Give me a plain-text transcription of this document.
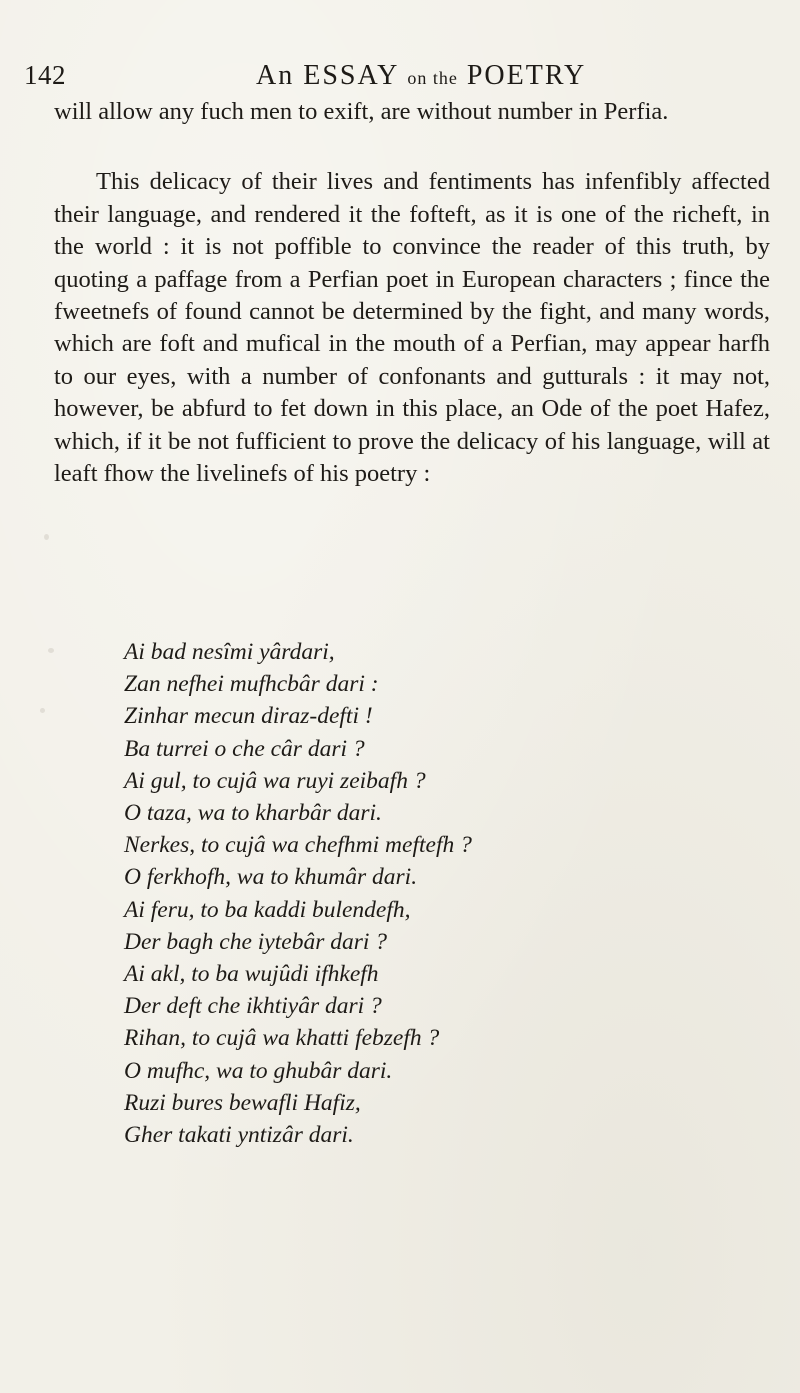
142	An ESSAY on the POETRY

will allow any fuch men to exift, are without number in Perfia.

This delicacy of their lives and fentiments has infenfibly affected their language, and rendered it the fofteft, as it is one of the richeft, in the world : it is not poffible to convince the reader of this truth, by quoting a paffage from a Perfian poet in European characters ; fince the fweetnefs of found cannot be determined by the fight, and many words, which are foft and mufical in the mouth of a Perfian, may appear harfh to our eyes, with a number of confonants and gutturals : it may not, however, be abfurd to fet down in this place, an Ode of the poet Hafez, which, if it be not fufficient to prove the delicacy of his language, will at leaft fhow the livelinefs of his poetry :

Ai bad nesîmi yârdari,
Zan nefhei mufhcbâr dari :
Zinhar mecun diraz-defti !
Ba turrei o che câr dari ?
Ai gul, to cujâ wa ruyi zeibafh ?
O taza, wa to kharbâr dari.
Nerkes, to cujâ wa chefhmi meftefh ?
O ferkhofh, wa to khumâr dari.
Ai feru, to ba kaddi bulendefh,
Der bagh che iytebâr dari ?
Ai akl, to ba wujûdi ifhkefh
Der deft che ikhtiyâr dari ?
Rihan, to cujâ wa khatti febzefh ?
O mufhc, wa to ghubâr dari.
Ruzi bures bewafli Hafiz,
Gher takati yntizâr dari.
